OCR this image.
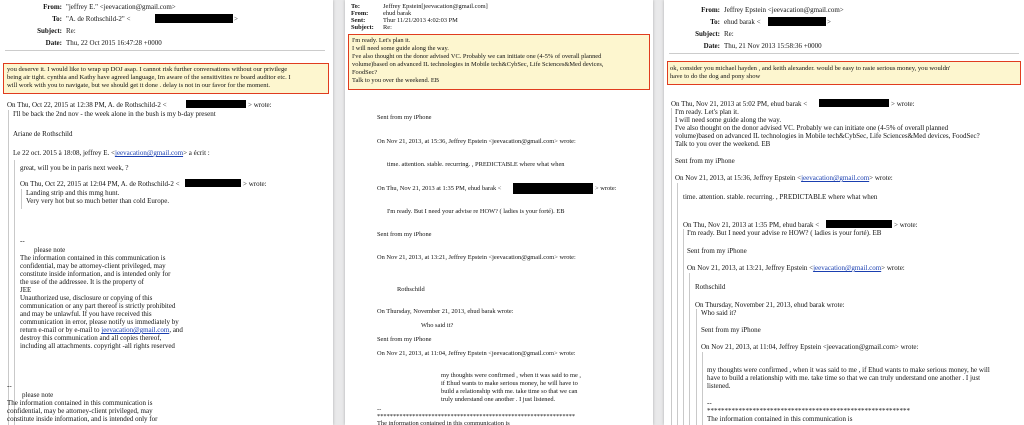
From: "jeffrey E." <jeevacation@gmail.com>
To: "A. de Rothschild-2" <	>
Subject: Re:
Date: Thu, 22 Oct 2015 16:47:28 +0000
you deserve it. I would like to wrap up DOJ asap. I cannot risk further conversations without our privilege
being air tight. cynthia and Kathy have agreed language, Im aware of the sensitivities re board auditor etc. I
will work with you to navigate, but we should get it done . delay is not in our favor for the moment.
On Thu, Oct 22, 2015 at 12:38 PM, A. de Rothschild-2 <	> wrote:
I'll be back the 2nd nov - the week alone in the bush is my b-day present
Ariane de Rothschild
Le 22 oct. 2015 à 18:08, jeffrey E. <jeevacation@gmail.com> a écrit :
great, will you be in paris next week, ?
On Thu, Oct 22, 2015 at 12:04 PM, A. de Rothschild-2 <	> wrote:
Landing strip and this mmg hunt.
Very very hot but so much better than cold Europe.
--
please note
The information contained in this communication is
confidential, may be attorney-client privileged, may
constitute inside information, and is intended only for
the use of the addressee. It is the property of
JEE
Unauthorized use, disclosure or copying of this
communication or any part thereof is strictly prohibited
and may be unlawful. If you have received this
communication in error, please notify us immediately by
return e-mail or by e-mail to jeevacation@gmail.com, and
destroy this communication and all copies thereof,
including all attachments. copyright -all rights reserved
--
please note
The information contained in this communication is
confidential, may be attorney-client privileged, may
constitute inside information, and is intended only for
To:	Jeffrey Epstein[jeevacation@gmail.com]
From: ehud barak
Sent:	Thur 11/21/2013 4:02:03 PM
Subject: Re:
I'm ready. Let's plan it.
I will need some guide along the way.
I've also thought on the donor advised VC. Probably we can initiate one (4-5% of overall planned
volume)based on advanced IL technologies in Mobile tech&CybSec, Life Sciences&Med devices,
FoodSec?
Talk to you over the weekend. EB
Sent from my iPhone
On Nov 21, 2013, at 15:36, Jeffrey Epstein <jeevacation@gmail.com> wrote:
time. attention. stable. recurring. , PREDICTABLE where what when
On Thu, Nov 21, 2013 at 1:35 PM, ehud barak <	> wrote:
I'm ready. But I need your advise re HOW? ( ladies is your forté). EB
Sent from my iPhone
On Nov 21, 2013, at 13:21, Jeffrey Epstein <jeevacation@gmail.com> wrote:
Rothschild
On Thursday, November 21, 2013, ehud barak wrote:
Who said it?
Sent from my iPhone
On Nov 21, 2013, at 11:04, Jeffrey Epstein <jeevacation@gmail.com> wrote:
my thoughts were confirmed , when it was said to me ,
if Ehud wants to make serious money, he will have to
build a relationship with me. take time so that we can
truly understand one another . I just listened.
--
**************************************************************
The information contained in this communication is
From: Jeffrey Epstein <jeevacation@gmail.com>
To: ehud barak <	>
Subject: Re:
Date: Thu, 21 Nov 2013 15:58:36 +0000
ok, consider you michael hayden , and keith alexander. would be easy to rasie serious money, you wouldn'
have to do the dog and pony show
On Thu, Nov 21, 2013 at 5:02 PM, ehud barak <	> wrote:
I'm ready. Let's plan it.
I will need some guide along the way.
I've also thought on the donor advised VC. Probably we can initiate one (4-5% of overall planned
volume)based on advanced IL technologies in Mobile tech&CybSec, Life Sciences&Med devices, FoodSec?
Talk to you over the weekend. EB
Sent from my iPhone
On Nov 21, 2013, at 15:36, Jeffrey Epstein <jeevacation@gmail.com> wrote:
time. attention. stable. recurring. , PREDICTABLE where what when
On Thu, Nov 21, 2013 at 1:35 PM, ehud barak <	> wrote:
I'm ready. But I need your advise re HOW? ( ladies is your forté). EB
Sent from my iPhone
On Nov 21, 2013, at 13:21, Jeffrey Epstein <jeevacation@gmail.com> wrote:
Rothschild
On Thursday, November 21, 2013, ehud barak wrote:
Who said it?
Sent from my iPhone
On Nov 21, 2013, at 11:04, Jeffrey Epstein <jeevacation@gmail.com> wrote:
my thoughts were confirmed , when it was said to me , if Ehud wants to make serious money, he will
have to build a relationship with me. take time so that we can truly understand one another . I just
listened.
--
**********************************************************
The information contained in this communication is
